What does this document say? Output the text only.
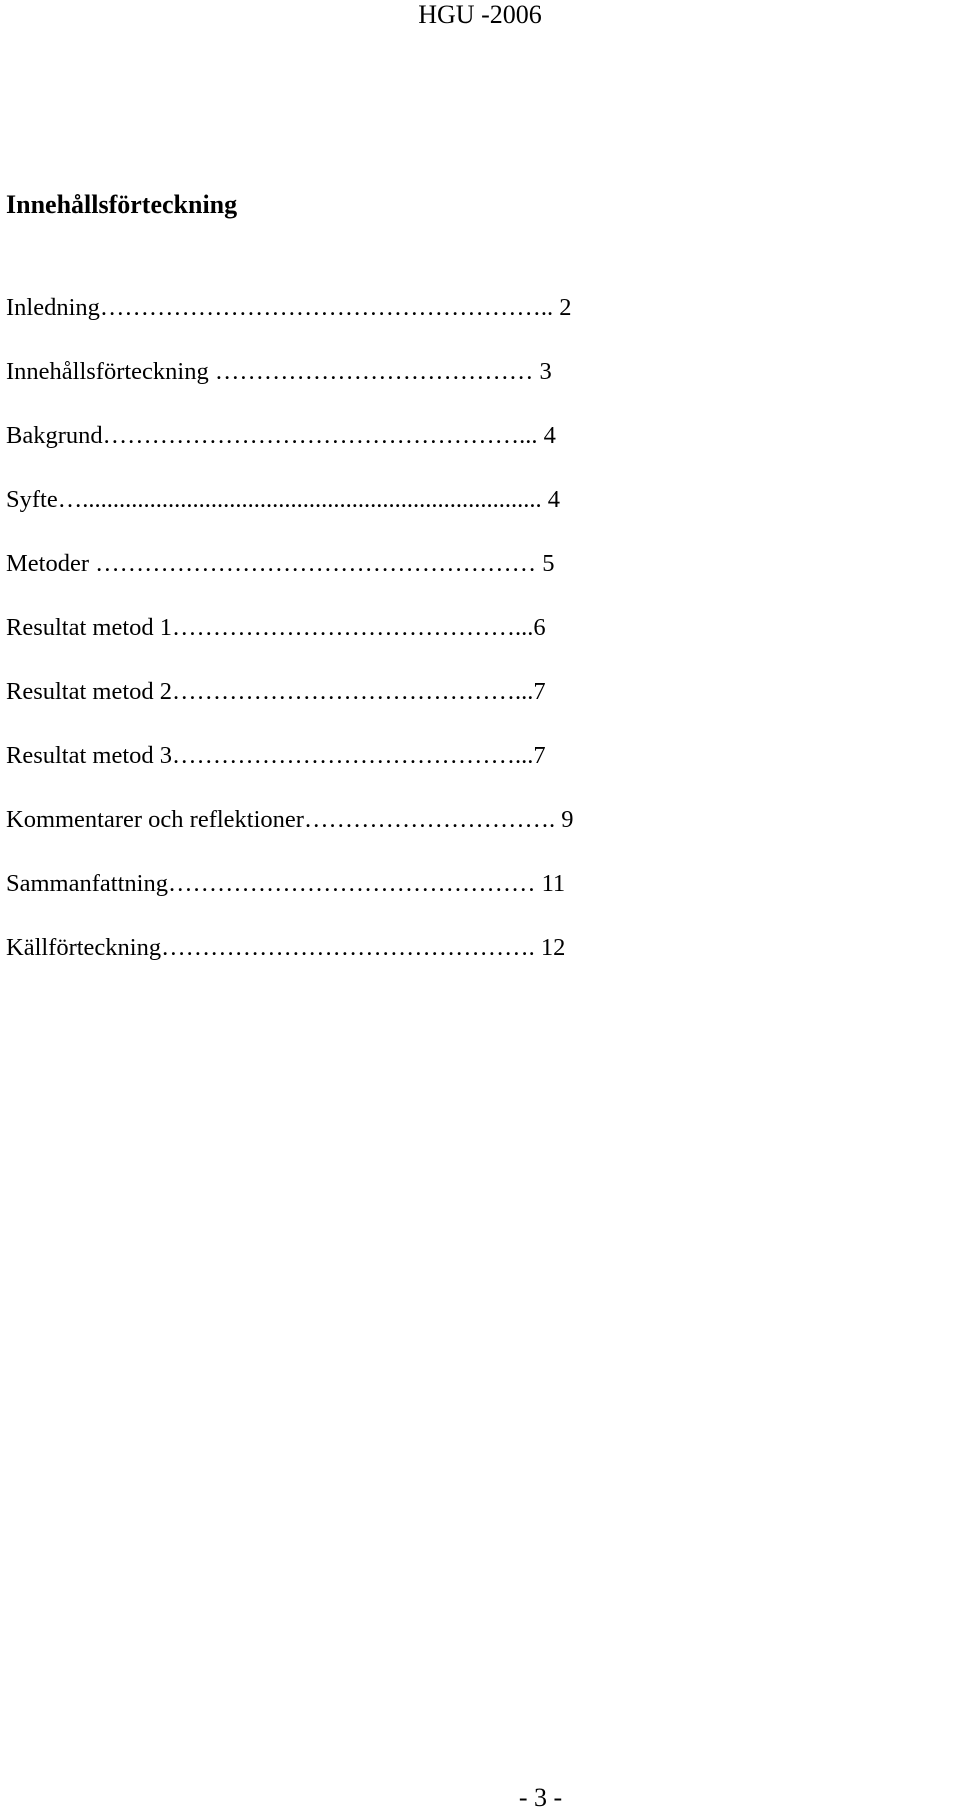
HGU -2006
Innehållsförteckning
Inledning……………………………………………….. 2
Innehållsförteckning ………………………………… 3
Bakgrund……………………………………………... 4
Syfte…........................................................................... 4
Metoder ……………………………………………… 5
Resultat metod 1……………………………………...6
Resultat metod 2……………………………………...7
Resultat metod 3……………………………………...7
Kommentarer och reflektioner…………………………. 9
Sammanfattning……………………………………… 11
Källförteckning………………………………………. 12
- 3 -
